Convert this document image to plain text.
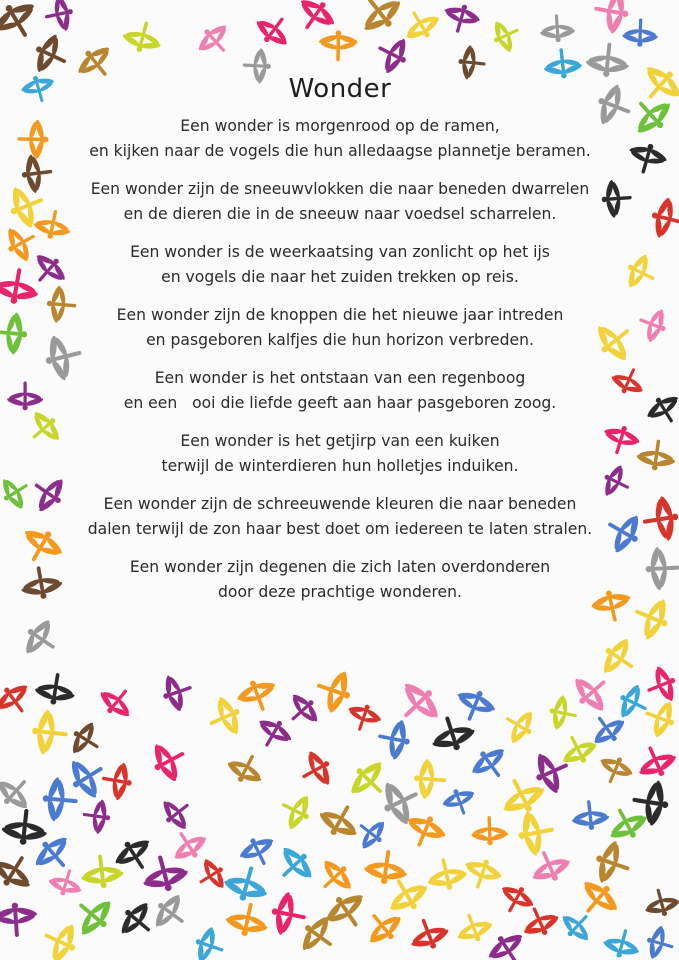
Wonder
Een wonder is morgenrood op de ramen,
en kijken naar de vogels die hun alledaagse plannetje beramen.
Een wonder zijn de sneeuwvlokken die naar beneden dwarrelen
en de dieren die in de sneeuw naar voedsel scharrelen.
Een wonder is de weerkaatsing van zonlicht op het ijs
en vogels die naar het zuiden trekken op reis.
Een wonder zijn de knoppen die het nieuwe jaar intreden
en pasgeboren kalfjes die hun horizon verbreden.
Een wonder is het ontstaan van een regenboog
en een   ooi die liefde geeft aan haar pasgeboren zoog.
Een wonder is het getjirp van een kuiken
terwijl de winterdieren hun holletjes induiken.
Een wonder zijn de schreeuwende kleuren die naar beneden
dalen terwijl de zon haar best doet om iedereen te laten stralen.
Een wonder zijn degenen die zich laten overdonderen
door deze prachtige wonderen.
